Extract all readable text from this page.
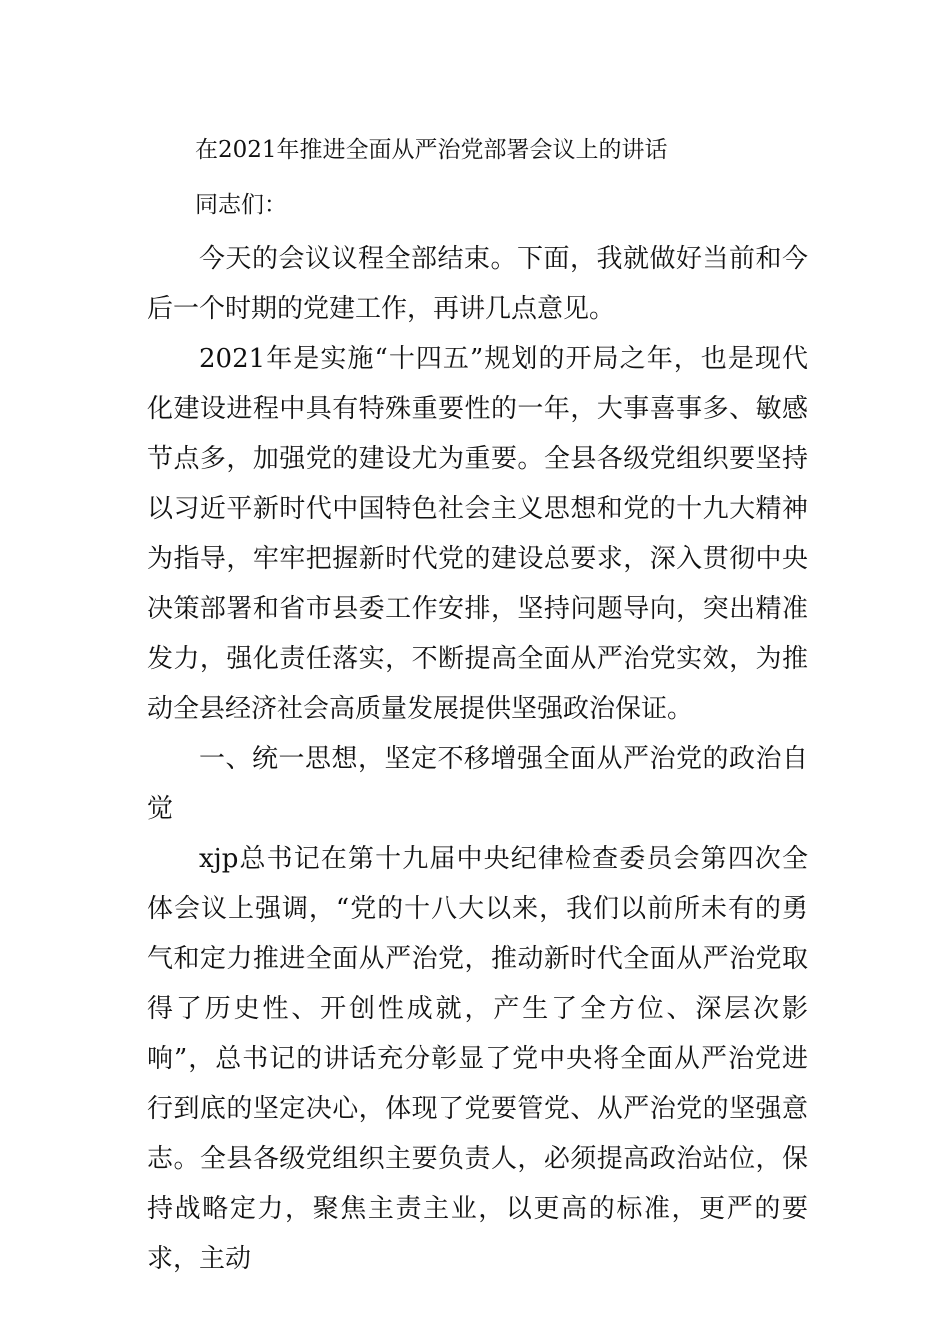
在2021年推进全面从严治党部署会议上的讲话
同志们：

今天的会议议程全部结束。下面，我就做好当前和今后一个时期的党建工作，再讲几点意见。

2021年是实施“十四五”规划的开局之年，也是现代化建设进程中具有特殊重要性的一年，大事喜事多、敏感节点多，加强党的建设尤为重要。全县各级党组织要坚持以习近平新时代中国特色社会主义思想和党的十九大精神为指导，牢牢把握新时代党的建设总要求，深入贯彻中央决策部署和省市县委工作安排，坚持问题导向，突出精准发力，强化责任落实，不断提高全面从严治党实效，为推动全县经济社会高质量发展提供坚强政治保证。

一、统一思想，坚定不移增强全面从严治党的政治自觉

xjp总书记在第十九届中央纪律检查委员会第四次全体会议上强调，“党的十八大以来，我们以前所未有的勇气和定力推进全面从严治党，推动新时代全面从严治党取得了历史性、开创性成就，产生了全方位、深层次影响”，总书记的讲话充分彰显了党中央将全面从严治党进行到底的坚定决心，体现了党要管党、从严治党的坚强意志。全县各级党组织主要负责人，必须提高政治站位，保持战略定力，聚焦主责主业，以更高的标准，更严的要求，主动
